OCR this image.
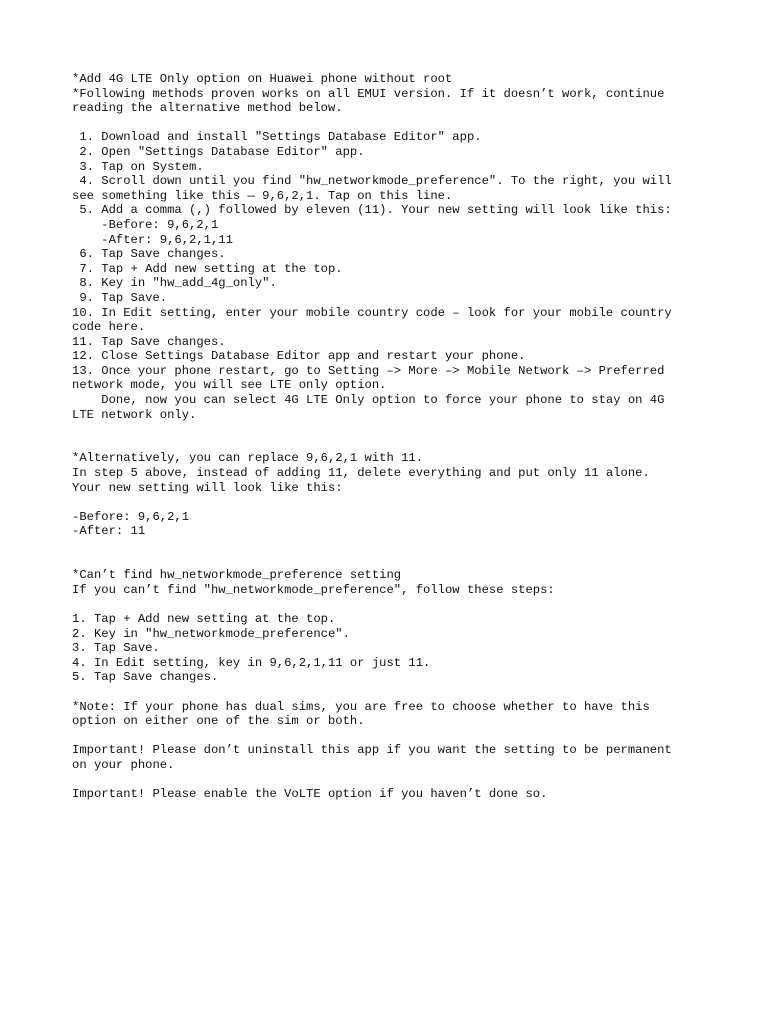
*Add 4G LTE Only option on Huawei phone without root
*Following methods proven works on all EMUI version. If it doesn’t work, continue
reading the alternative method below.
1. Download and install "Settings Database Editor" app.
2. Open "Settings Database Editor" app.
3. Tap on System.
4. Scroll down until you find "hw_networkmode_preference". To the right, you will
see something like this — 9,6,2,1. Tap on this line.
5. Add a comma (,) followed by eleven (11). Your new setting will look like this:
-Before: 9,6,2,1
-After: 9,6,2,1,11
6. Tap Save changes.
7. Tap + Add new setting at the top.
8. Key in "hw_add_4g_only".
9. Tap Save.
10. In Edit setting, enter your mobile country code – look for your mobile country
code here.
11. Tap Save changes.
12. Close Settings Database Editor app and restart your phone.
13. Once your phone restart, go to Setting –> More –> Mobile Network –> Preferred
network mode, you will see LTE only option.
Done, now you can select 4G LTE Only option to force your phone to stay on 4G
LTE network only.
*Alternatively, you can replace 9,6,2,1 with 11.
In step 5 above, instead of adding 11, delete everything and put only 11 alone.
Your new setting will look like this:
-Before: 9,6,2,1
-After: 11
*Can’t find hw_networkmode_preference setting
If you can’t find "hw_networkmode_preference", follow these steps:
1. Tap + Add new setting at the top.
2. Key in "hw_networkmode_preference".
3. Tap Save.
4. In Edit setting, key in 9,6,2,1,11 or just 11.
5. Tap Save changes.
*Note: If your phone has dual sims, you are free to choose whether to have this
option on either one of the sim or both.
Important! Please don’t uninstall this app if you want the setting to be permanent
on your phone.
Important! Please enable the VoLTE option if you haven’t done so.
